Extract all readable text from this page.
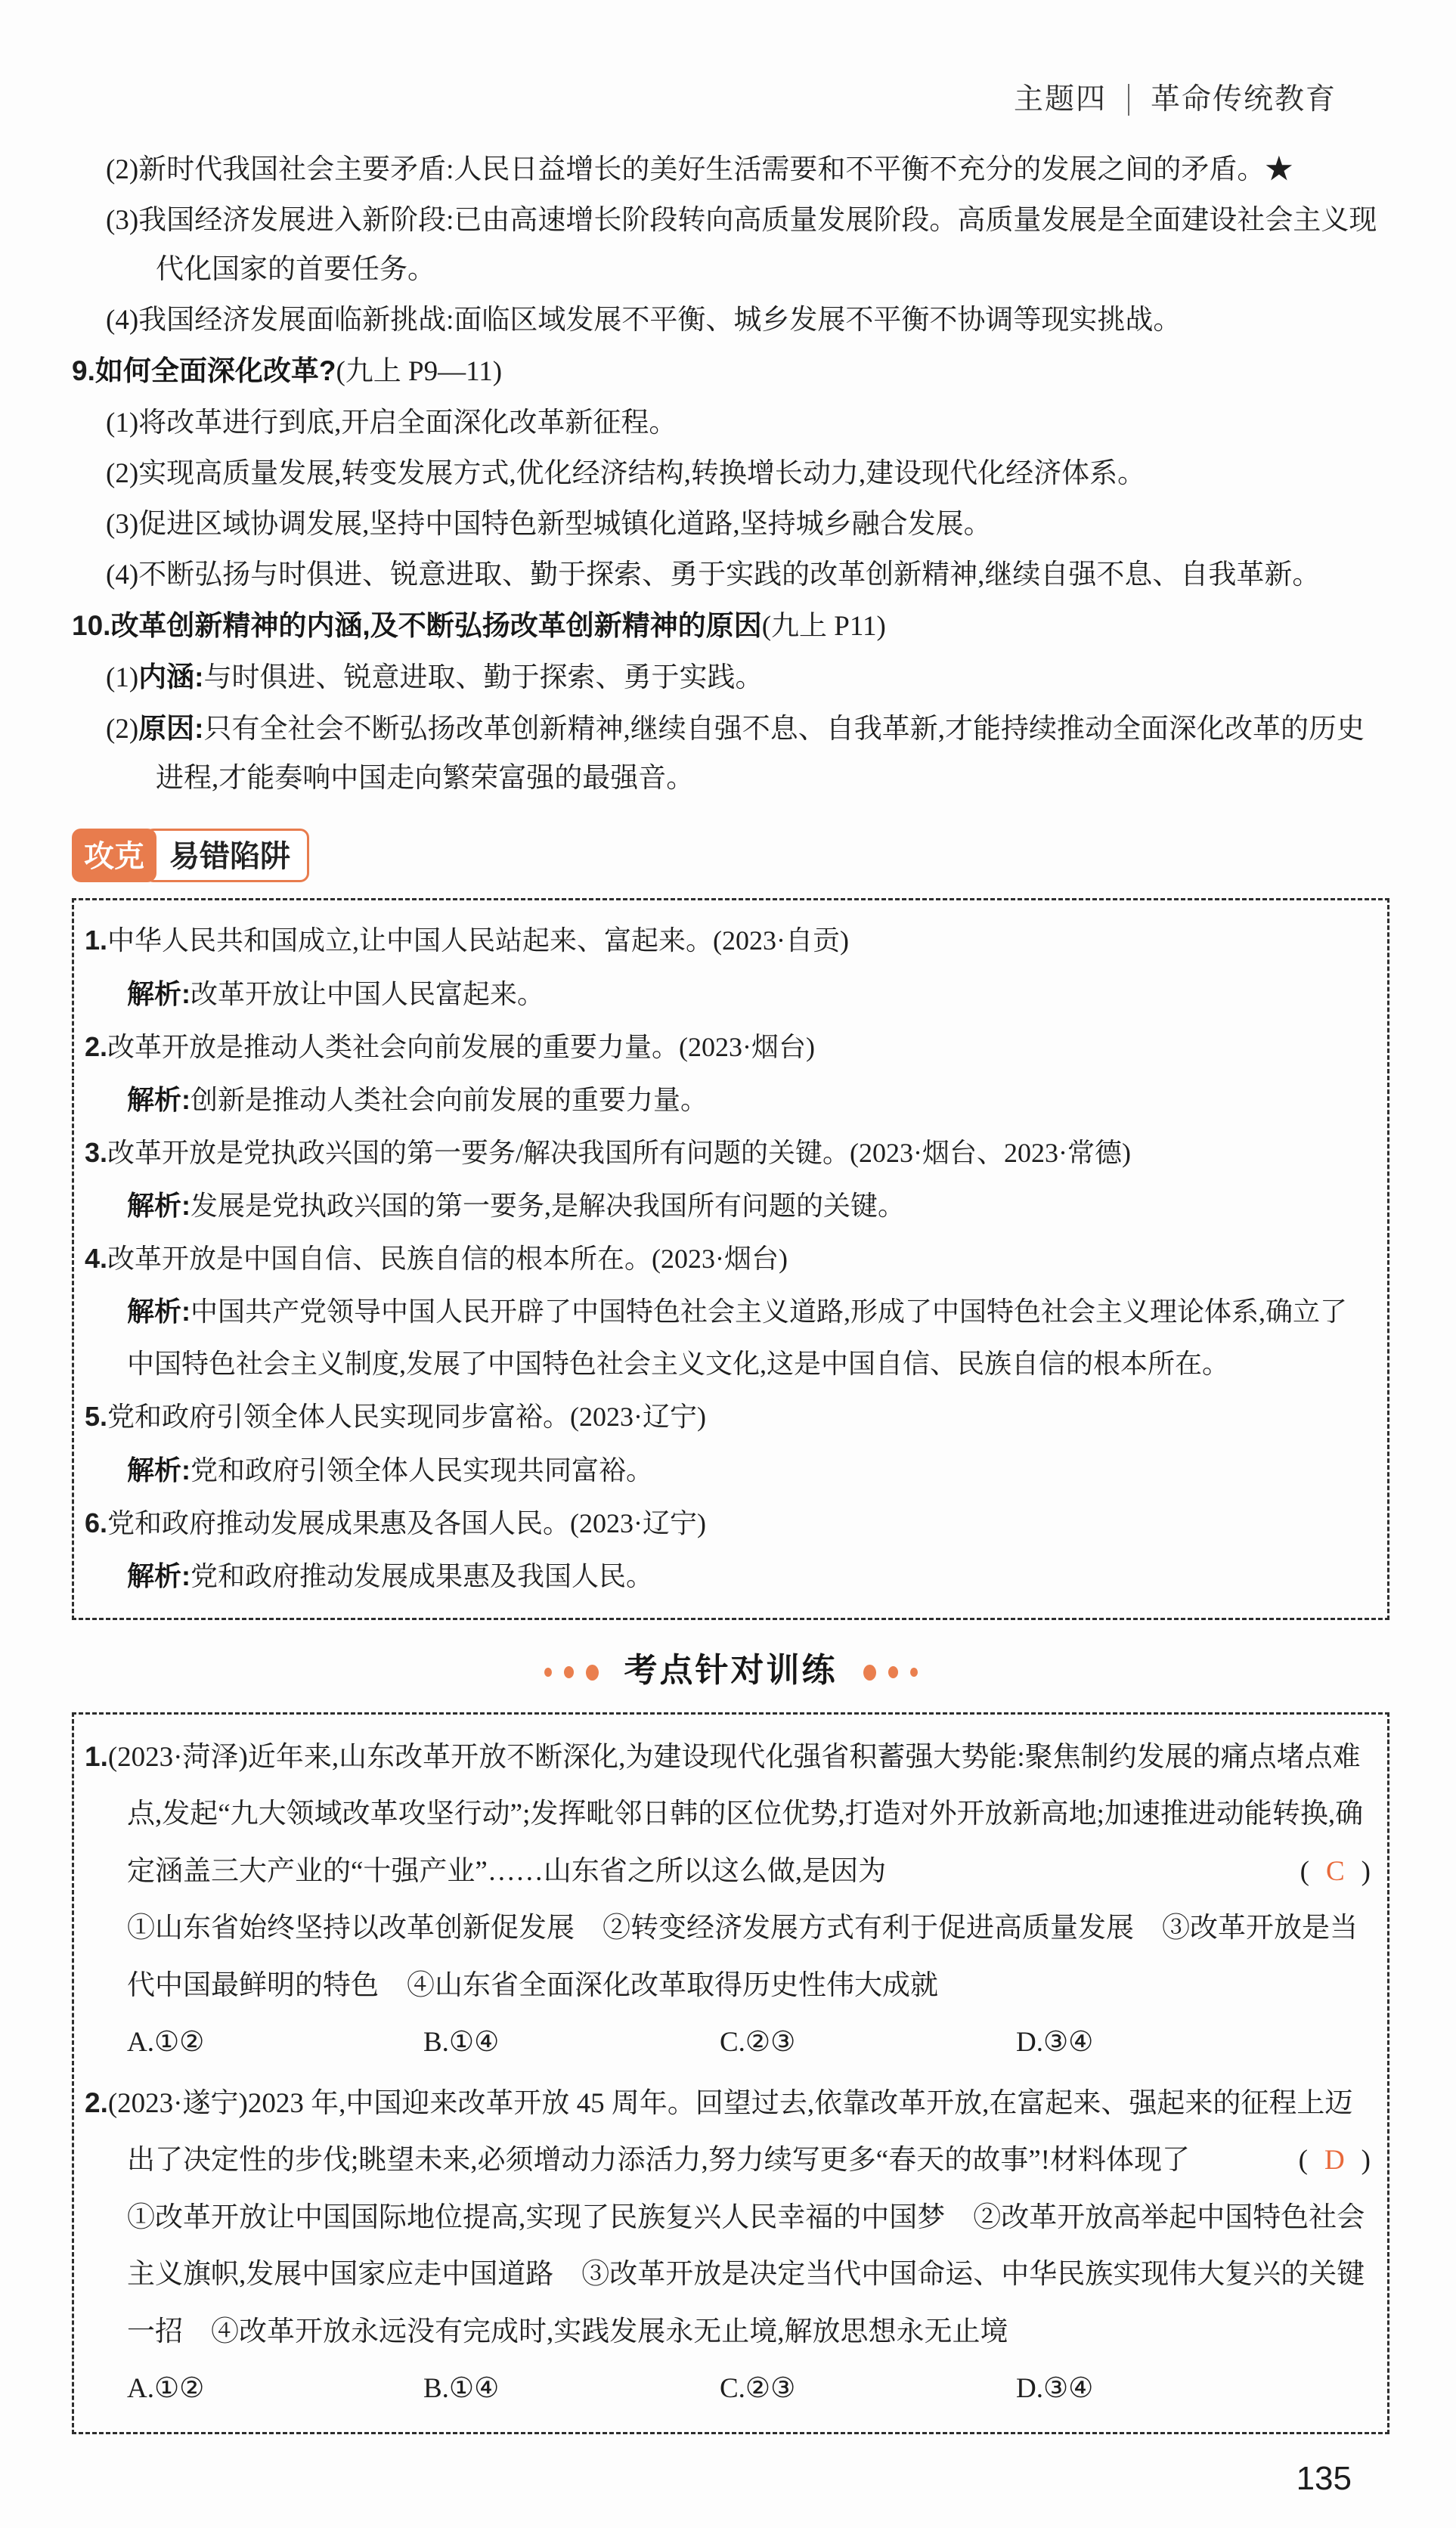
主题四 革命传统教育

(2)新时代我国社会主要矛盾:人民日益增长的美好生活需要和不平衡不充分的发展之间的矛盾。★

(3)我国经济发展进入新阶段:已由高速增长阶段转向高质量发展阶段。高质量发展是全面建设社会主义现代化国家的首要任务。

(4)我国经济发展面临新挑战:面临区域发展不平衡、城乡发展不平衡不协调等现实挑战。

9.如何全面深化改革?(九上 P9—11)

(1)将改革进行到底,开启全面深化改革新征程。

(2)实现高质量发展,转变发展方式,优化经济结构,转换增长动力,建设现代化经济体系。

(3)促进区域协调发展,坚持中国特色新型城镇化道路,坚持城乡融合发展。

(4)不断弘扬与时俱进、锐意进取、勤于探索、勇于实践的改革创新精神,继续自强不息、自我革新。

10.改革创新精神的内涵,及不断弘扬改革创新精神的原因(九上 P11)

(1)内涵:与时俱进、锐意进取、勤于探索、勇于实践。

(2)原因:只有全社会不断弘扬改革创新精神,继续自强不息、自我革新,才能持续推动全面深化改革的历史进程,才能奏响中国走向繁荣富强的最强音。

攻克 易错陷阱

1.中华人民共和国成立,让中国人民站起来、富起来。(2023·自贡)

解析:改革开放让中国人民富起来。

2.改革开放是推动人类社会向前发展的重要力量。(2023·烟台)

解析:创新是推动人类社会向前发展的重要力量。

3.改革开放是党执政兴国的第一要务/解决我国所有问题的关键。(2023·烟台、2023·常德)

解析:发展是党执政兴国的第一要务,是解决我国所有问题的关键。

4.改革开放是中国自信、民族自信的根本所在。(2023·烟台)

解析:中国共产党领导中国人民开辟了中国特色社会主义道路,形成了中国特色社会主义理论体系,确立了中国特色社会主义制度,发展了中国特色社会主义文化,这是中国自信、民族自信的根本所在。

5.党和政府引领全体人民实现同步富裕。(2023·辽宁)

解析:党和政府引领全体人民实现共同富裕。

6.党和政府推动发展成果惠及各国人民。(2023·辽宁)

解析:党和政府推动发展成果惠及我国人民。

考点针对训练

1.(2023·菏泽)近年来,山东改革开放不断深化,为建设现代化强省积蓄强大势能:聚焦制约发展的痛点堵点难点,发起“九大领域改革攻坚行动”;发挥毗邻日韩的区位优势,打造对外开放新高地;加速推进动能转换,确定涵盖三大产业的“十强产业”……山东省之所以这么做,是因为	( C )

①山东省始终坚持以改革创新促发展　②转变经济发展方式有利于促进高质量发展　③改革开放是当代中国最鲜明的特色　④山东省全面深化改革取得历史性伟大成就

A.①②	B.①④	C.②③	D.③④

2.(2023·遂宁)2023 年,中国迎来改革开放 45 周年。回望过去,依靠改革开放,在富起来、强起来的征程上迈出了决定性的步伐;眺望未来,必须增动力添活力,努力续写更多“春天的故事”!材料体现了	( D )

①改革开放让中国国际地位提高,实现了民族复兴人民幸福的中国梦　②改革开放高举起中国特色社会主义旗帜,发展中国家应走中国道路　③改革开放是决定当代中国命运、中华民族实现伟大复兴的关键一招　④改革开放永远没有完成时,实践发展永无止境,解放思想永无止境

A.①②	B.①④	C.②③	D.③④

135
